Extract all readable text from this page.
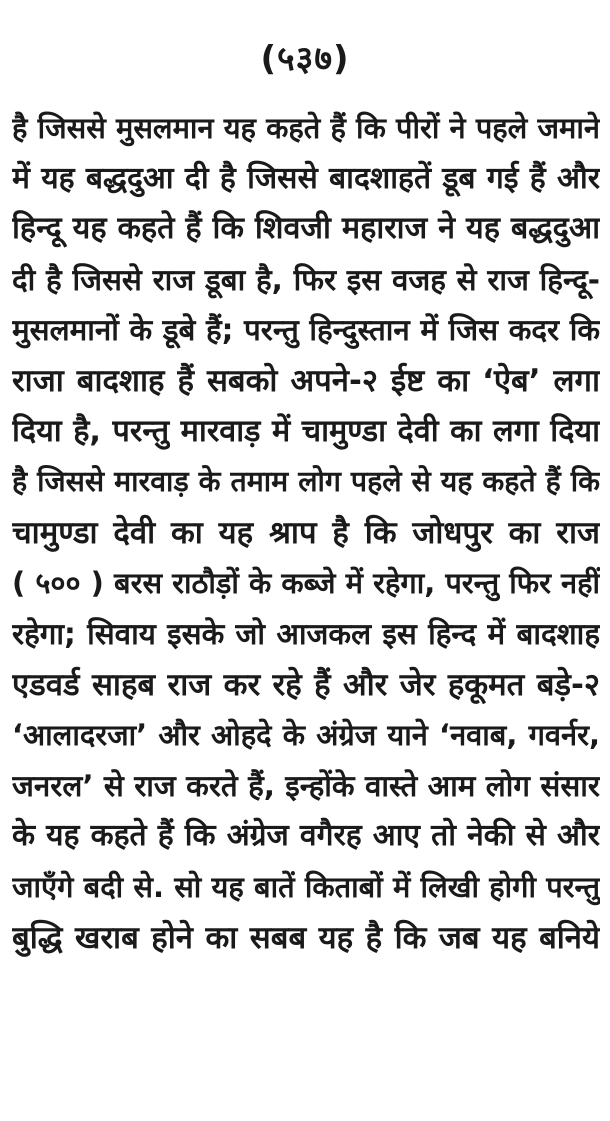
(५३७)
है जिससे मुसलमान यह कहते हैं कि पीरों ने पहले जमाने
में यह बद्धदुआ दी है जिससे बादशाहतें डूब गई हैं और
हिन्दू यह कहते हैं कि शिवजी महाराज ने यह बद्धदुआ
दी है जिससे राज डूबा है, फिर इस वजह से राज हिन्दू-
मुसलमानों के डूबे हैं; परन्तु हिन्दुस्तान में जिस कदर कि
राजा बादशाह हैं सबको अपने-२ ईष्ट का ‘ऐब’ लगा
दिया है, परन्तु मारवाड़ में चामुण्डा देवी का लगा दिया
है जिससे मारवाड़ के तमाम लोग पहले से यह कहते हैं कि
चामुण्डा देवी का यह श्राप है कि जोधपुर का राज
( ५०० ) बरस राठौड़ों के कब्जे में रहेगा, परन्तु फिर नहीं
रहेगा; सिवाय इसके जो आजकल इस हिन्द में बादशाह
एडवर्ड साहब राज कर रहे हैं और जेर हकूमत बड़े-२
‘आलादरजा’ और ओहदे के अंग्रेज याने ‘नवाब, गवर्नर,
जनरल’ से राज करते हैं, इन्होंके वास्ते आम लोग संसार
के यह कहते हैं कि अंग्रेज वगैरह आए तो नेकी से और
जाएँगे बदी से. सो यह बातें किताबों में लिखी होगी परन्तु
बुद्धि खराब होने का सबब यह है कि जब यह बनिये
